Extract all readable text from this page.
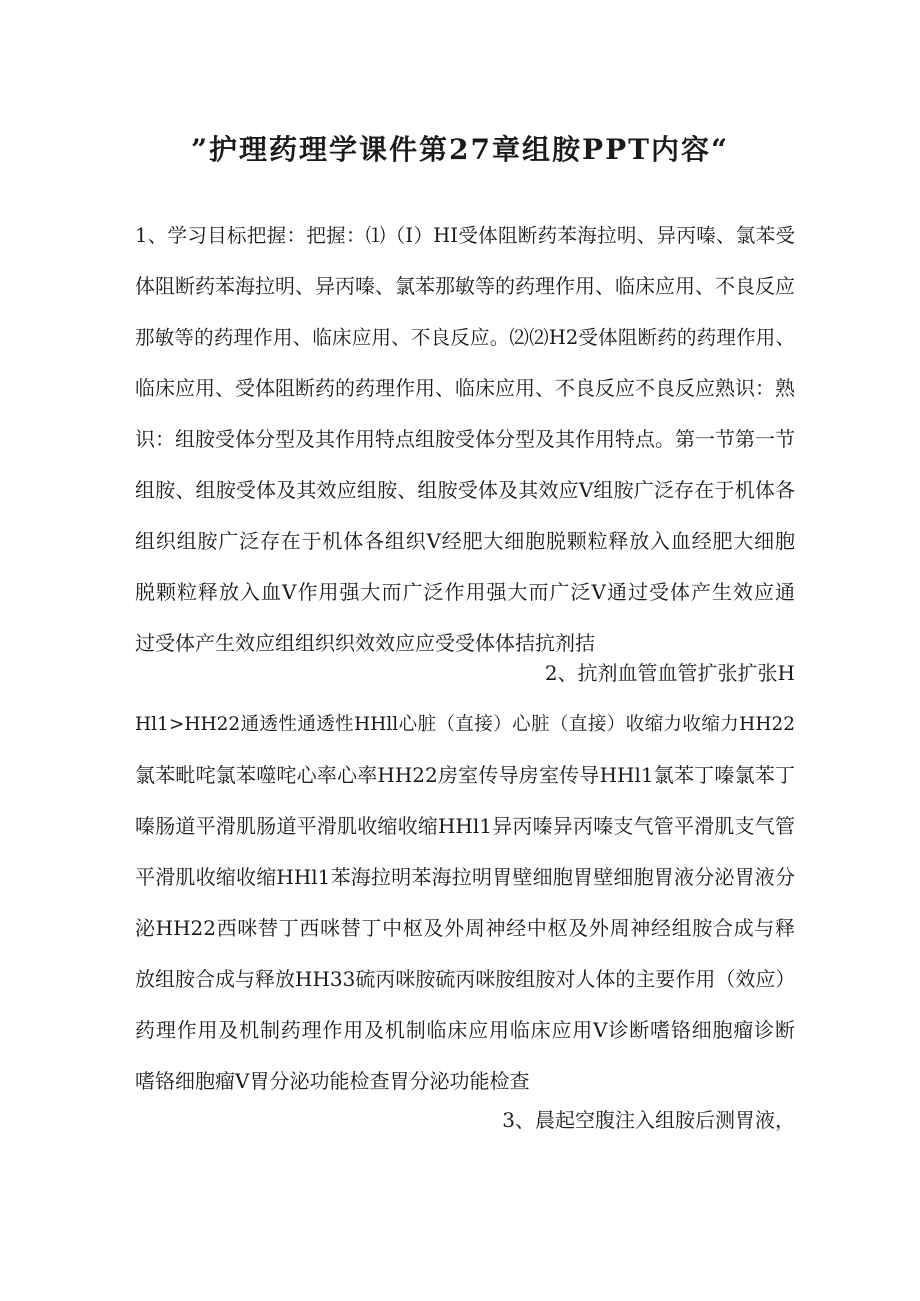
”护理药理学课件第27章组胺PPT内容“
1、学习目标把握：把握：⑴（I）HI受体阻断药苯海拉明、异丙嗪、氯苯受
体阻断药苯海拉明、异丙嗪、氯苯那敏等的药理作用、临床应用、不良反应
那敏等的药理作用、临床应用、不良反应。⑵⑵H2受体阻断药的药理作用、
临床应用、受体阻断药的药理作用、临床应用、不良反应不良反应熟识：熟
识：组胺受体分型及其作用特点组胺受体分型及其作用特点。第一节第一节
组胺、组胺受体及其效应组胺、组胺受体及其效应V组胺广泛存在于机体各
组织组胺广泛存在于机体各组织V经肥大细胞脱颗粒释放入血经肥大细胞
脱颗粒释放入血V作用强大而广泛作用强大而广泛V通过受体产生效应通
过受体产生效应组组织织效效应应受受体体拮抗剂拮
2、抗剂血管血管扩张扩张H
Hl1>HH22通透性通透性HHll心脏（直接）心脏（直接）收缩力收缩力HH22
氯苯毗咤氯苯噬咤心率心率HH22房室传导房室传导HHl1氯苯丁嗪氯苯丁
嗪肠道平滑肌肠道平滑肌收缩收缩HHl1异丙嗪异丙嗪支气管平滑肌支气管
平滑肌收缩收缩HHl1苯海拉明苯海拉明胃壁细胞胃壁细胞胃液分泌胃液分
泌HH22西咪替丁西咪替丁中枢及外周神经中枢及外周神经组胺合成与释
放组胺合成与释放HH33硫丙咪胺硫丙咪胺组胺对人体的主要作用（效应）
药理作用及机制药理作用及机制临床应用临床应用V诊断嗜铬细胞瘤诊断
嗜铬细胞瘤V胃分泌功能检查胃分泌功能检查
3、晨起空腹注入组胺后测胃液，
